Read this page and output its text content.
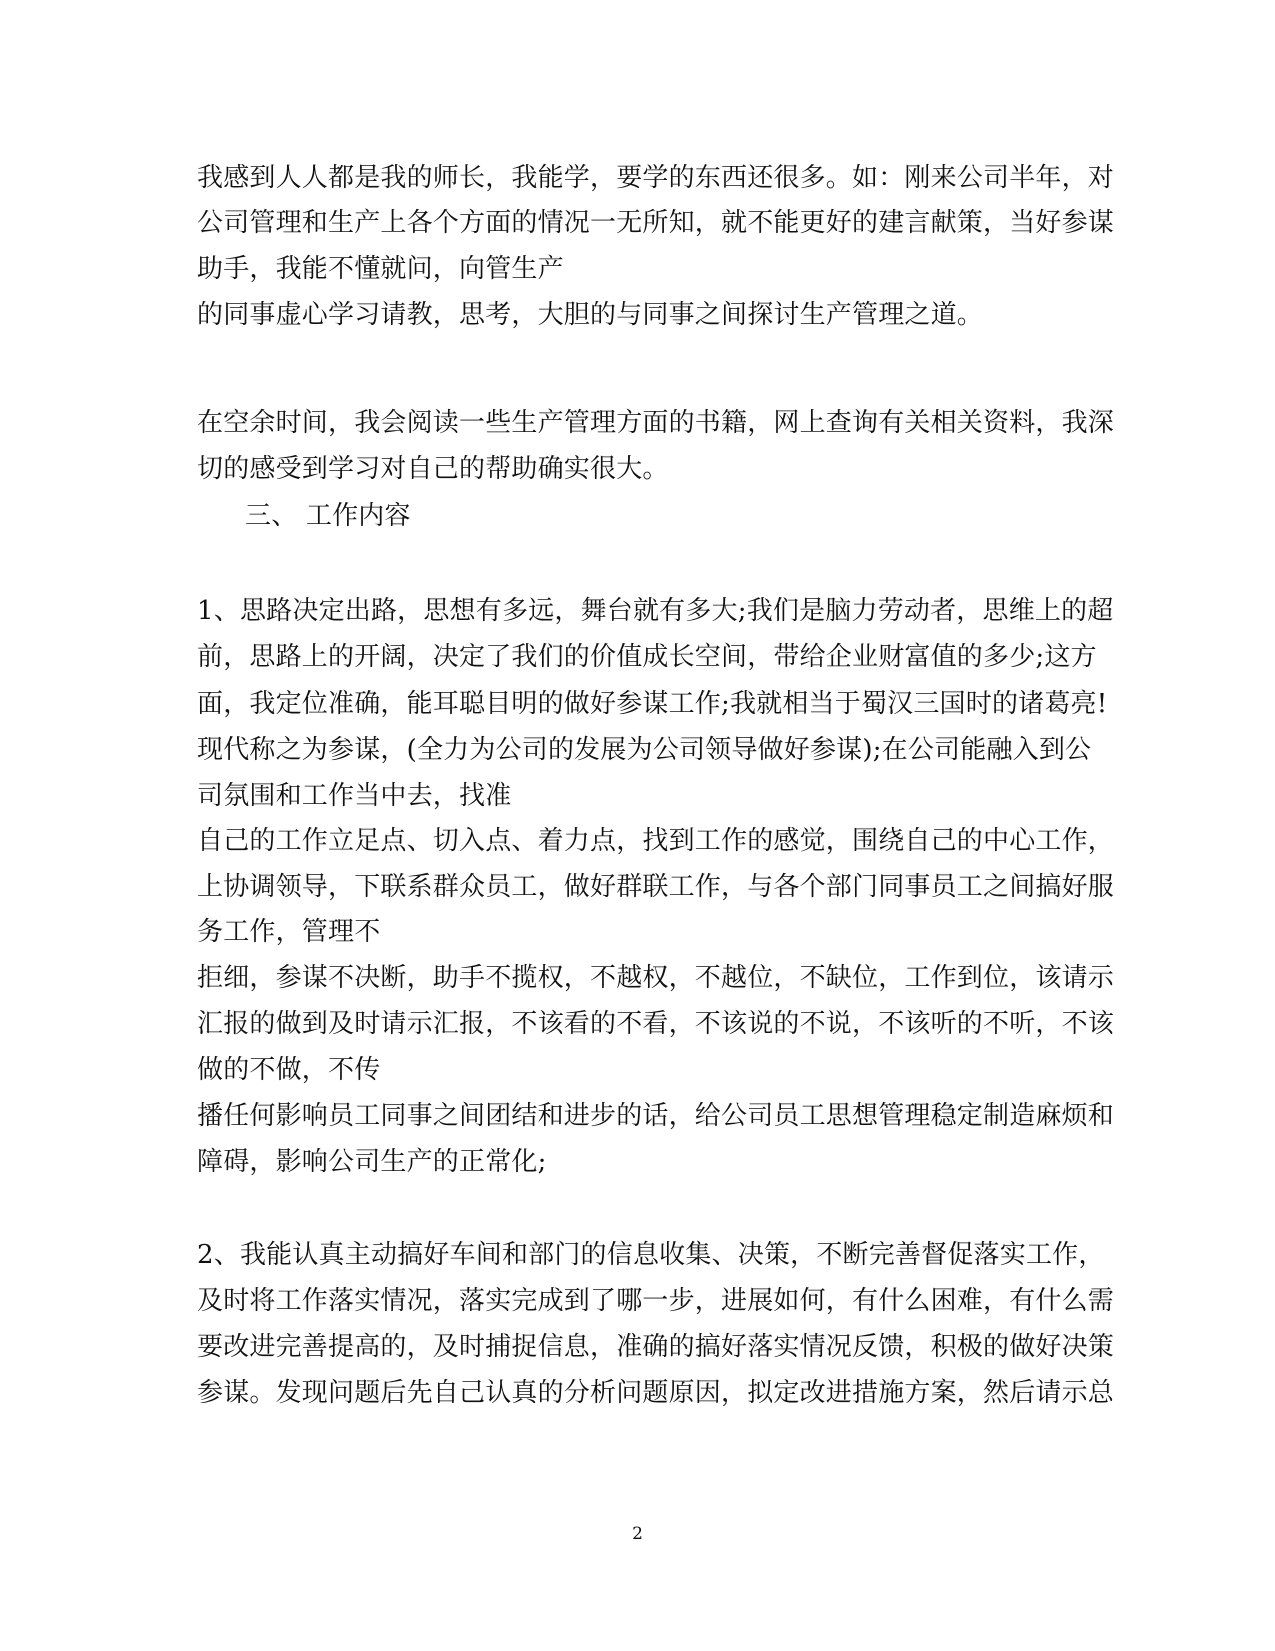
我感到人人都是我的师长，我能学，要学的东西还很多。如：刚来公司半年，对
公司管理和生产上各个方面的情况一无所知，就不能更好的建言献策，当好参谋
助手，我能不懂就问，向管生产
的同事虚心学习请教，思考，大胆的与同事之间探讨生产管理之道。
在空余时间，我会阅读一些生产管理方面的书籍，网上查询有关相关资料，我深
切的感受到学习对自己的帮助确实很大。
三、 工作内容
1、思路决定出路，思想有多远，舞台就有多大;我们是脑力劳动者，思维上的超
前，思路上的开阔，决定了我们的价值成长空间，带给企业财富值的多少;这方
面，我定位准确，能耳聪目明的做好参谋工作;我就相当于蜀汉三国时的诸葛亮!
现代称之为参谋，(全力为公司的发展为公司领导做好参谋);在公司能融入到公
司氛围和工作当中去，找准
自己的工作立足点、切入点、着力点，找到工作的感觉，围绕自己的中心工作，
上协调领导，下联系群众员工，做好群联工作，与各个部门同事员工之间搞好服
务工作，管理不
拒细，参谋不决断，助手不揽权，不越权，不越位，不缺位，工作到位，该请示
汇报的做到及时请示汇报，不该看的不看，不该说的不说，不该听的不听，不该
做的不做，不传
播任何影响员工同事之间团结和进步的话，给公司员工思想管理稳定制造麻烦和
障碍，影响公司生产的正常化;
2、我能认真主动搞好车间和部门的信息收集、决策，不断完善督促落实工作，
及时将工作落实情况，落实完成到了哪一步，进展如何，有什么困难，有什么需
要改进完善提高的，及时捕捉信息，准确的搞好落实情况反馈，积极的做好决策
参谋。发现问题后先自己认真的分析问题原因，拟定改进措施方案，然后请示总
2
